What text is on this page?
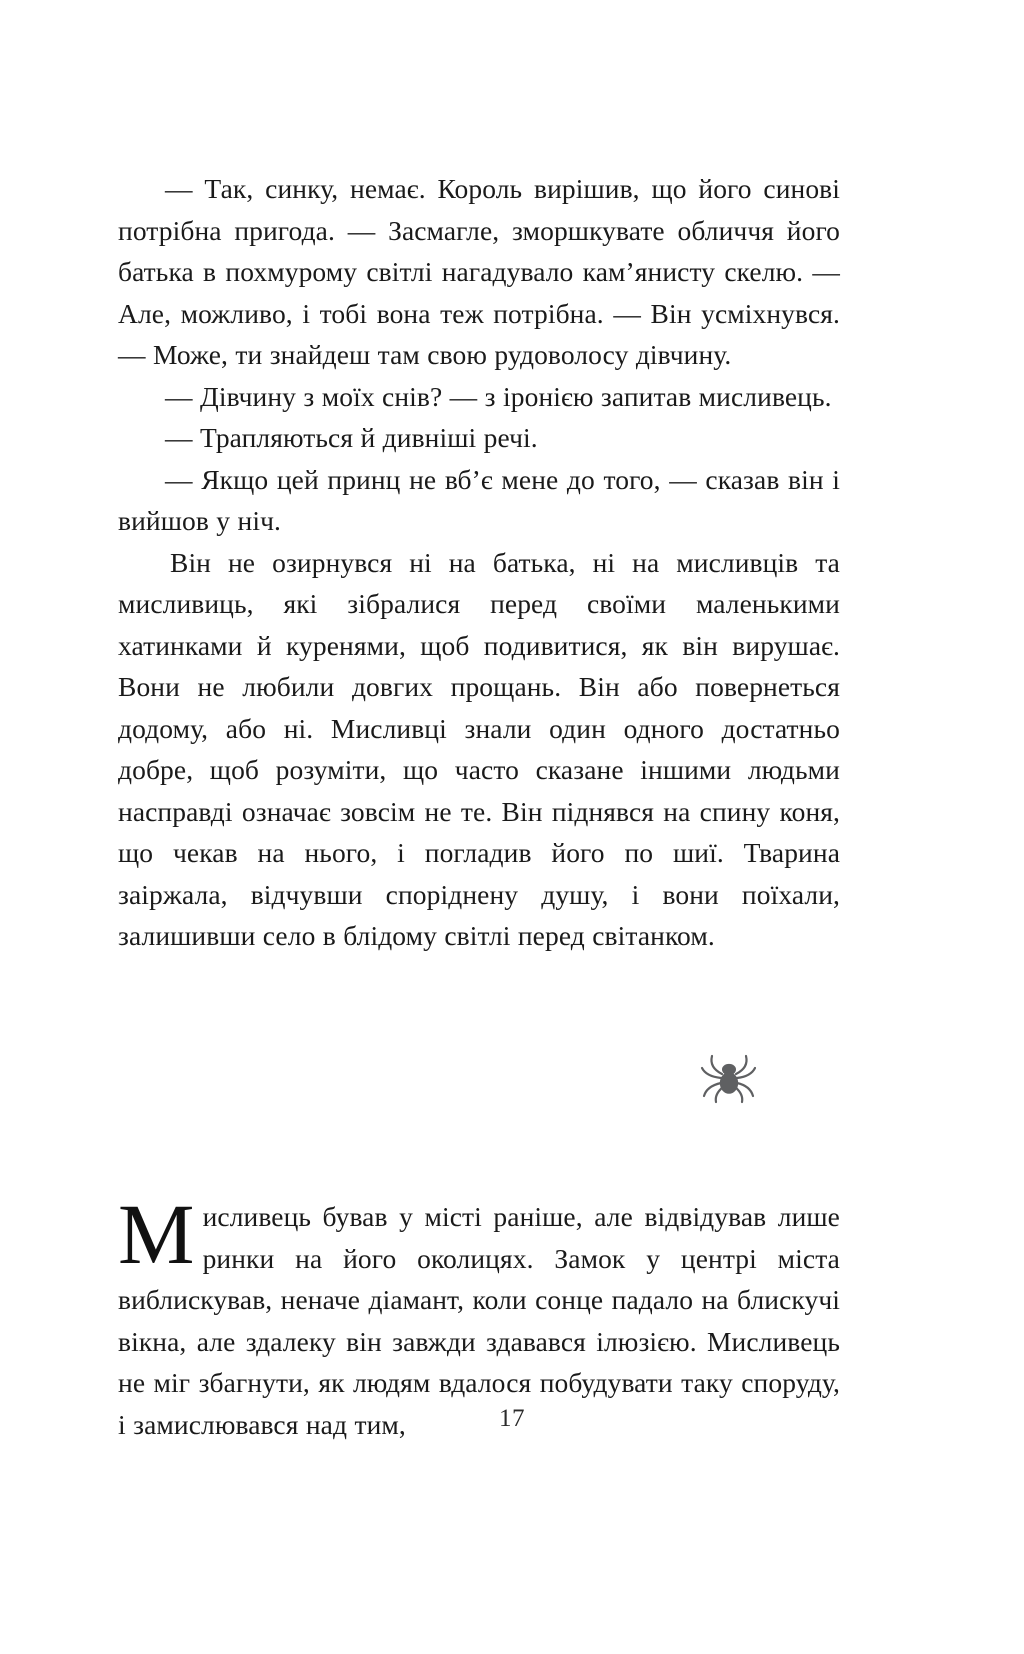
— Так, синку, немає. Король вирішив, що його синові потрібна пригода. — Засмагле, зморшкувате обличчя його батька в похмурому світлі нагадувало кам’янисту скелю. — Але, можливо, і тобі вона теж потрібна. — Він усміхнувся. — Може, ти знайдеш там свою рудоволосу дівчину.

— Дівчину з моїх снів? — з іронією запитав мисливець.

— Трапляються й дивніші речі.

— Якщо цей принц не вб’є мене до того, — сказав він і вийшов у ніч.

Він не озирнувся ні на батька, ні на мисливців та мисливиць, які зібралися перед своїми маленькими хатинками й куренями, щоб подивитися, як він вирушає. Вони не любили довгих прощань. Він або повернеться додому, або ні. Мисливці знали один одного достатньо добре, щоб розуміти, що часто сказане іншими людьми насправді означає зовсім не те. Він піднявся на спину коня, що чекав на нього, і погладив його по шиї. Тварина заіржала, відчувши споріднену душу, і вони поїхали, залишивши село в блідому світлі перед світанком.

Мисливець бував у місті раніше, але відвідував лише ринки на його околицях. Замок у центрі міста виблискував, неначе діамант, коли сонце падало на блискучі вікна, але здалеку він завжди здавався ілюзією. Мисливець не міг збагнути, як людям вдалося побудувати таку споруду, і замислювався над тим,	17
